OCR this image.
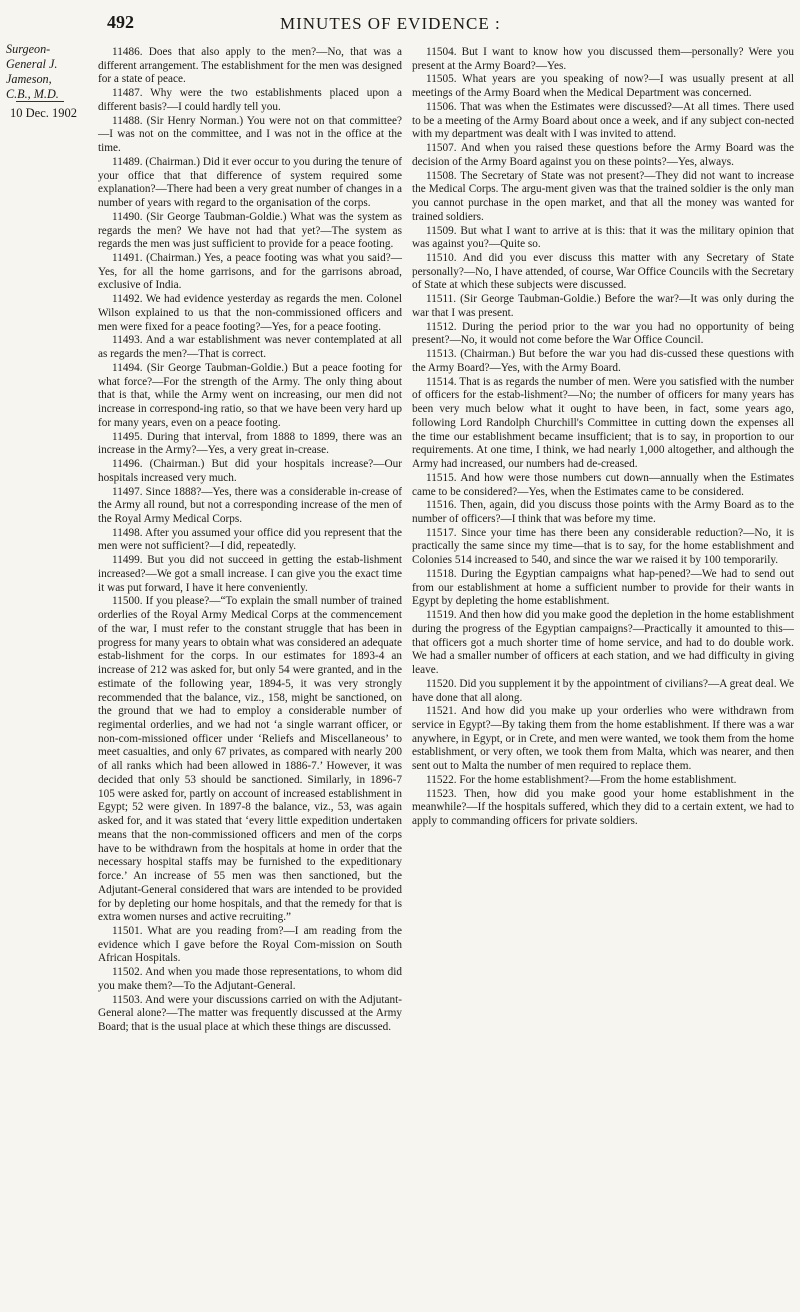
492	MINUTES OF EVIDENCE :
Surgeon-
General J.
Jameson,
C.B., M.D.
10 Dec. 1902

11486. Does that also apply to the men?—No, that was a different arrangement. The establishment for the men was designed for a state of peace.

11487. Why were the two establishments placed upon a different basis?—I could hardly tell you.

11488. (Sir Henry Norman.) You were not on that committee?—I was not on the committee, and I was not in the office at the time.

11489. (Chairman.) Did it ever occur to you during the tenure of your office that that difference of system required some explanation?—There had been a very great number of changes in a number of years with regard to the organisation of the corps.

11490. (Sir George Taubman-Goldie.) What was the system as regards the men? We have not had that yet?—The system as regards the men was just sufficient to provide for a peace footing.

11491. (Chairman.) Yes, a peace footing was what you said?—Yes, for all the home garrisons, and for the garrisons abroad, exclusive of India.

11492. We had evidence yesterday as regards the men. Colonel Wilson explained to us that the non-commissioned officers and men were fixed for a peace footing?—Yes, for a peace footing.

11493. And a war establishment was never contemplated at all as regards the men?—That is correct.

11494. (Sir George Taubman-Goldie.) But a peace footing for what force?—For the strength of the Army. The only thing about that is that, while the Army went on increasing, our men did not increase in correspond-ing ratio, so that we have been very hard up for many years, even on a peace footing.

11495. During that interval, from 1888 to 1899, there was an increase in the Army?—Yes, a very great in-crease.

11496. (Chairman.) But did your hospitals increase?—Our hospitals increased very much.

11497. Since 1888?—Yes, there was a considerable in-crease of the Army all round, but not a corresponding increase of the men of the Royal Army Medical Corps.

11498. After you assumed your office did you represent that the men were not sufficient?—I did, repeatedly.

11499. But you did not succeed in getting the estab-lishment increased?—We got a small increase. I can give you the exact time it was put forward, I have it here conveniently.

11500. If you please?—“To explain the small number of trained orderlies of the Royal Army Medical Corps at the commencement of the war, I must refer to the constant struggle that has been in progress for many years to obtain what was considered an adequate estab-lishment for the corps. In our estimates for 1893-4 an increase of 212 was asked for, but only 54 were granted, and in the estimate of the following year, 1894-5, it was very strongly recommended that the balance, viz., 158, might be sanctioned, on the ground that we had to employ a considerable number of regimental orderlies, and we had not ‘a single warrant officer, or non-com-missioned officer under ‘Reliefs and Miscellaneous’ to meet casualties, and only 67 privates, as compared with nearly 200 of all ranks which had been allowed in 1886-7.’ However, it was decided that only 53 should be sanctioned. Similarly, in 1896-7 105 were asked for, partly on account of increased establishment in Egypt; 52 were given. In 1897-8 the balance, viz., 53, was again asked for, and it was stated that ‘every little expedition undertaken means that the non-commissioned officers and men of the corps have to be withdrawn from the hospitals at home in order that the necessary hospital staffs may be furnished to the expeditionary force.’ An increase of 55 men was then sanctioned, but the Adjutant-General considered that wars are intended to be provided for by depleting our home hospitals, and that the remedy for that is extra women nurses and active recruiting.”

11501. What are you reading from?—I am reading from the evidence which I gave before the Royal Com-mission on South African Hospitals.

11502. And when you made those representations, to whom did you make them?—To the Adjutant-General.

11503. And were your discussions carried on with the Adjutant-General alone?—The matter was frequently discussed at the Army Board; that is the usual place at which these things are discussed.

11504. But I want to know how you discussed them—personally? Were you present at the Army Board?—Yes.

11505. What years are you speaking of now?—I was usually present at all meetings of the Army Board when the Medical Department was concerned.

11506. That was when the Estimates were discussed?—At all times. There used to be a meeting of the Army Board about once a week, and if any subject con-nected with my department was dealt with I was invited to attend.

11507. And when you raised these questions before the Army Board was the decision of the Army Board against you on these points?—Yes, always.

11508. The Secretary of State was not present?—They did not want to increase the Medical Corps. The argu-ment given was that the trained soldier is the only man you cannot purchase in the open market, and that all the money was wanted for trained soldiers.

11509. But what I want to arrive at is this: that it was the military opinion that was against you?—Quite so.

11510. And did you ever discuss this matter with any Secretary of State personally?—No, I have attended, of course, War Office Councils with the Secretary of State at which these subjects were discussed.

11511. (Sir George Taubman-Goldie.) Before the war?—It was only during the war that I was present.

11512. During the period prior to the war you had no opportunity of being present?—No, it would not come before the War Office Council.

11513. (Chairman.) But before the war you had dis-cussed these questions with the Army Board?—Yes, with the Army Board.

11514. That is as regards the number of men. Were you satisfied with the number of officers for the estab-lishment?—No; the number of officers for many years has been very much below what it ought to have been, in fact, some years ago, following Lord Randolph Churchill's Committee in cutting down the expenses all the time our establishment became insufficient; that is to say, in proportion to our requirements. At one time, I think, we had nearly 1,000 altogether, and although the Army had increased, our numbers had de-creased.

11515. And how were those numbers cut down—annually when the Estimates came to be considered?—Yes, when the Estimates came to be considered.

11516. Then, again, did you discuss those points with the Army Board as to the number of officers?—I think that was before my time.

11517. Since your time has there been any considerable reduction?—No, it is practically the same since my time—that is to say, for the home establishment and Colonies 514 increased to 540, and since the war we raised it by 100 temporarily.

11518. During the Egyptian campaigns what hap-pened?—We had to send out from our establishment at home a sufficient number to provide for their wants in Egypt by depleting the home establishment.

11519. And then how did you make good the depletion in the home establishment during the progress of the Egyptian campaigns?—Practically it amounted to this—that officers got a much shorter time of home service, and had to do double work. We had a smaller number of officers at each station, and we had difficulty in giving leave.

11520. Did you supplement it by the appointment of civilians?—A great deal. We have done that all along.

11521. And how did you make up your orderlies who were withdrawn from service in Egypt?—By taking them from the home establishment. If there was a war anywhere, in Egypt, or in Crete, and men were wanted, we took them from the home establishment, or very often, we took them from Malta, which was nearer, and then sent out to Malta the number of men required to replace them.

11522. For the home establishment?—From the home establishment.

11523. Then, how did you make good your home establishment in the meanwhile?—If the hospitals suffered, which they did to a certain extent, we had to apply to commanding officers for private soldiers.
